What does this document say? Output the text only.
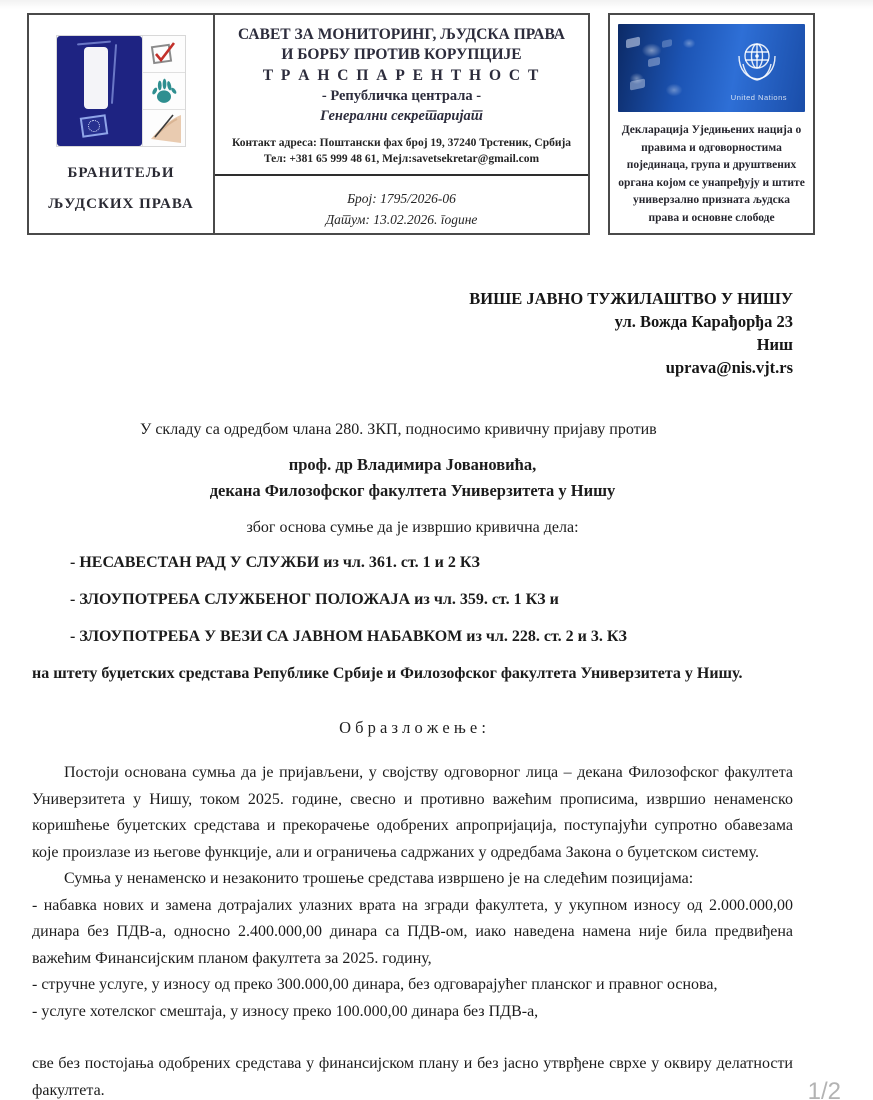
БРАНИТЕЉИ
ЉУДСКИХ ПРАВА
САВЕТ ЗА МОНИТОРИНГ, ЉУДСКА ПРАВА
И БОРБУ ПРОТИВ КОРУПЦИЈЕ
Т Р А Н С П А Р Е Н Т Н О С Т
- Републичка централа -
Генерални секретаријат
Контакт адреса: Поштански фах број 19, 37240 Трстеник, Србија
Тел: +381 65 999 48 61, Мејл:savetsekretar@gmail.com
Број: 1795/2026-06
Датум: 13.02.2026. године
United Nations
Декларација Уједињених нација о правима и одговорностима појединаца, група и друштвених органа којом се унапређују и штите универзално призната људска права и основне слободе
ВИШЕ ЈАВНО ТУЖИЛАШТВО У НИШУ
ул. Вожда Карађорђа 23
Ниш
uprava@nis.vjt.rs

У складу са одредбом члана 280. ЗКП, подносимо кривичну пријаву против

проф. др Владимира Јовановића,
декана Филозофског факултета Универзитета у Нишу

због основа сумње да је извршио кривична дела:

- НЕСАВЕСТАН РАД У СЛУЖБИ из чл. 361. ст. 1 и 2 КЗ
- ЗЛОУПОТРЕБА СЛУЖБЕНОГ ПОЛОЖАЈА из чл. 359. ст. 1 КЗ и
- ЗЛОУПОТРЕБА У ВЕЗИ СА ЈАВНОМ НАБАВКОМ из чл. 228. ст. 2 и 3. КЗ

на штету буџетских средстава Републике Србије и Филозофског факултета Универзитета у Нишу.

О б р а з л о ж е њ е :

Постоји основана сумња да је пријављени, у својству одговорног лица – декана Филозофског факултета Универзитета у Нишу, током 2025. године, свесно и противно важећим прописима, извршио ненаменско коришћење буџетских средстава и прекорачење одобрених апропријација, поступајући супротно обавезама које произлазе из његове функције, али и ограничења садржаних у одредбама Закона о буџетском систему.

Сумња у ненаменско и незаконито трошење средстава извршено је на следећим позицијама:

- набавка нових и замена дотрајалих улазних врата на згради факултета, у укупном износу од 2.000.000,00 динара без ПДВ-а, односно 2.400.000,00 динара са ПДВ-ом, иако наведена намена није била предвиђена важећим Финансијским планом факултета за 2025. годину,

- стручне услуге, у износу од преко 300.000,00 динара, без одговарајућег планског и правног основа,

- услуге хотелског смештаја, у износу преко 100.000,00 динара без ПДВ-а,

све без постојања одобрених средстава у финансијском плану и без јасно утврђене сврхе у оквиру делатности факултета.	1/2
